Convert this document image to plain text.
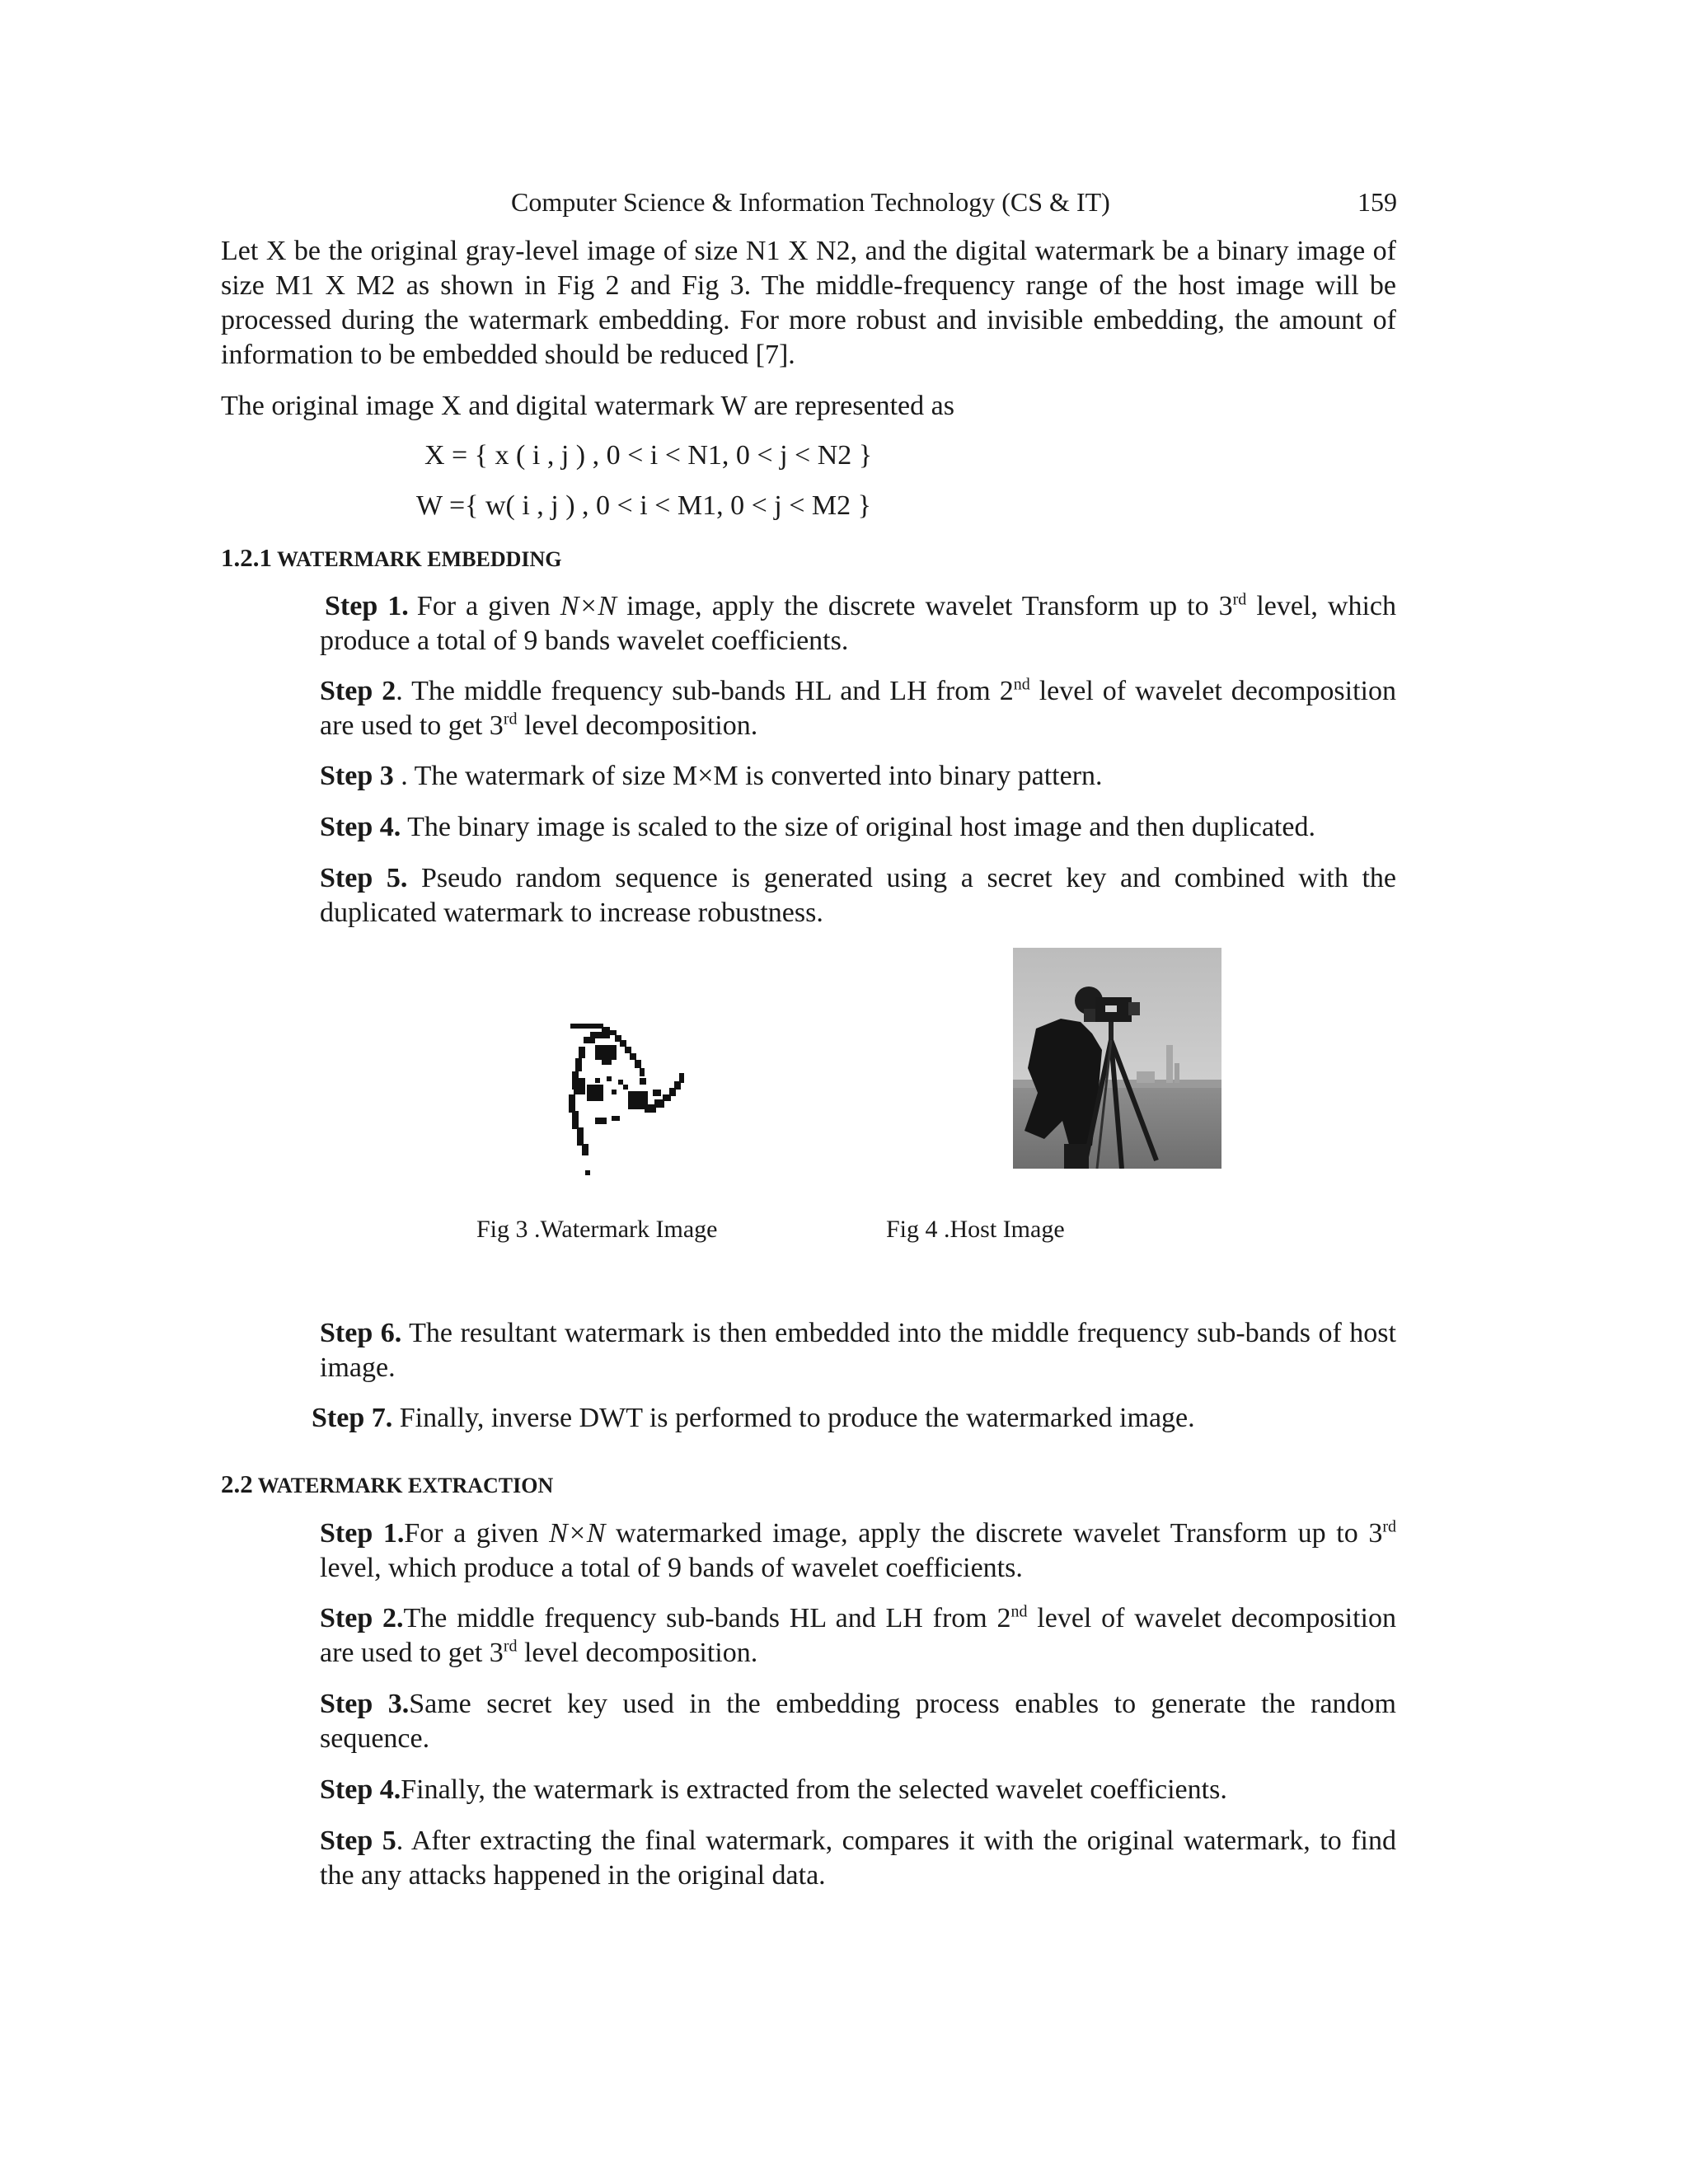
Computer Science & Information Technology (CS & IT)	159

Let X be the original gray-level image of size N1 X N2, and the digital watermark be a binary image of size M1 X M2 as shown in Fig 2 and Fig 3. The middle-frequency range of the host image will be processed during the watermark embedding. For more robust and invisible embedding, the amount of information to be embedded should be reduced [7].

The original image X and digital watermark W are represented as

X = { x ( i , j ) , 0 < i < N1, 0 < j < N2 }
W ={ w( i , j ) , 0 < i < M1, 0 < j < M2 }
1.2.1 WATERMARK EMBEDDING

Step 1. For a given N×N image, apply the discrete wavelet Transform up to 3rd level, which produce a total of 9 bands wavelet coefficients.

Step 2. The middle frequency sub-bands HL and LH from 2nd level of wavelet decomposition are used to get 3rd level decomposition.

Step 3 . The watermark of size M×M is converted into binary pattern.

Step 4. The binary image is scaled to the size of original host image and then duplicated.

Step 5. Pseudo random sequence is generated using a secret key and combined with the duplicated watermark to increase robustness.

Fig 3 .Watermark Image	Fig 4 .Host Image

Step 6. The resultant watermark is then embedded into the middle frequency sub-bands of host image.

Step 7. Finally, inverse DWT is performed to produce the watermarked image.

2.2 WATERMARK EXTRACTION

Step 1.For a given N×N watermarked image, apply the discrete wavelet Transform up to 3rd level, which produce a total of 9 bands of wavelet coefficients.

Step 2.The middle frequency sub-bands HL and LH from 2nd level of wavelet decomposition are used to get 3rd level decomposition.

Step 3.Same secret key used in the embedding process enables to generate the random sequence.

Step 4.Finally, the watermark is extracted from the selected wavelet coefficients.

Step 5. After extracting the final watermark, compares it with the original watermark, to find the any attacks happened in the original data.
